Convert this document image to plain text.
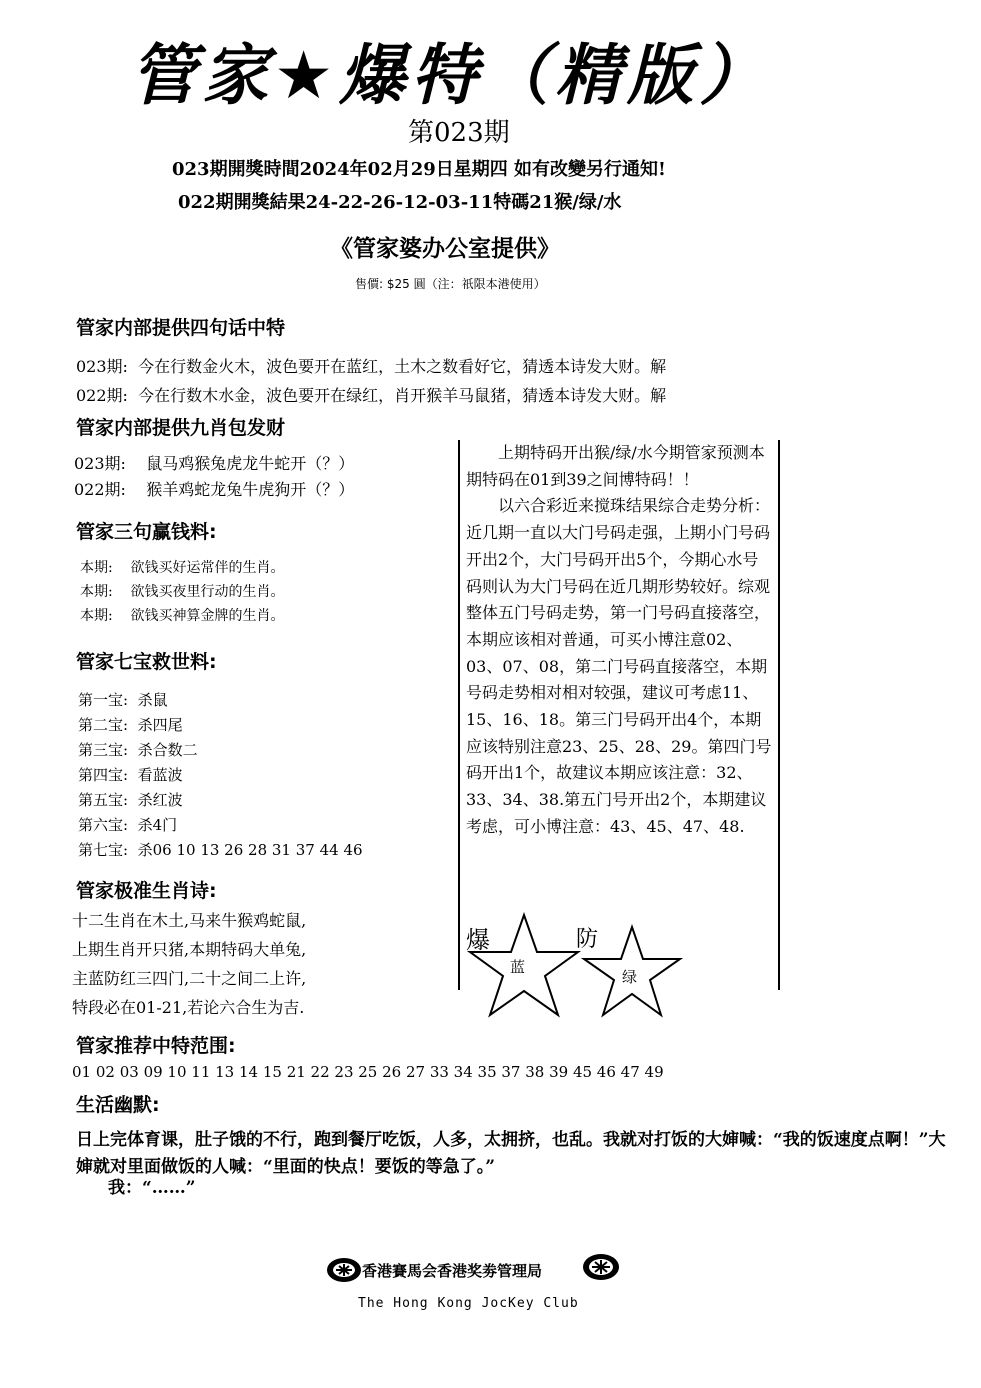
管家★爆特（精版）
第023期
023期開獎時間2024年02月29日星期四 如有改變另行通知!
022期開獎結果24-22-26-12-03-11特碼21猴/绿/水
《管家婆办公室提供》
售價: $25 圓（注：祇限本港使用）
管家内部提供四句话中特
023期: 今在行数金火木，波色要开在蓝红，土木之数看好它，猜透本诗发大财。解
022期: 今在行数木水金，波色要开在绿红，肖开猴羊马鼠猪，猜透本诗发大财。解
管家内部提供九肖包发财
023期: 鼠马鸡猴兔虎龙牛蛇开（？）
022期: 猴羊鸡蛇龙兔牛虎狗开（？）
管家三句赢钱料:
本期: 欲钱买好运常伴的生肖。
本期: 欲钱买夜里行动的生肖。
本期: 欲钱买神算金牌的生肖。
管家七宝救世料:
第一宝: 杀鼠
第二宝: 杀四尾
第三宝: 杀合数二
第四宝: 看蓝波
第五宝: 杀红波
第六宝: 杀4门
第七宝: 杀06 10 13 26 28 31 37 44 46
管家极准生肖诗:
十二生肖在木土,马来牛猴鸡蛇鼠,
上期生肖开只猪,本期特码大单兔,
主蓝防红三四门,二十之间二上许,
特段必在01-21,若论六合生为吉.
管家推荐中特范围:
01 02 03 09 10 11 13 14 15 21 22 23 25 26 27 33 34 35 37 38 39 45 46 47 49
生活幽默:
日上完体育课，肚子饿的不行，跑到餐厅吃饭，人多，太拥挤，也乱。我就对打饭的大婶喊：“我的饭速度点啊！”大婶就对里面做饭的人喊：“里面的快点！要饭的等急了。”
我：“……”

上期特码开出猴/绿/水今期管家预测本期特码在01到39之间博特码！！

以六合彩近来搅珠结果综合走势分析：近几期一直以大门号码走强，上期小门号码开出2个，大门号码开出5个，今期心水号码则认为大门号码在近几期形势较好。综观整体五门号码走势，第一门号码直接落空，本期应该相对普通，可买小博注意02、03、07、08，第二门号码直接落空，本期号码走势相对相对较强，建议可考虑11、15、16、18。第三门号码开出4个，本期应该特别注意23、25、28、29。第四门号码开出1个，故建议本期应该注意：32、33、34、38.第五门号开出2个，本期建议考虑，可小博注意：43、45、47、48.

爆	防
蓝
绿
香港賽馬会香港奖劵管理局
The Hong Kong JocKey Club
